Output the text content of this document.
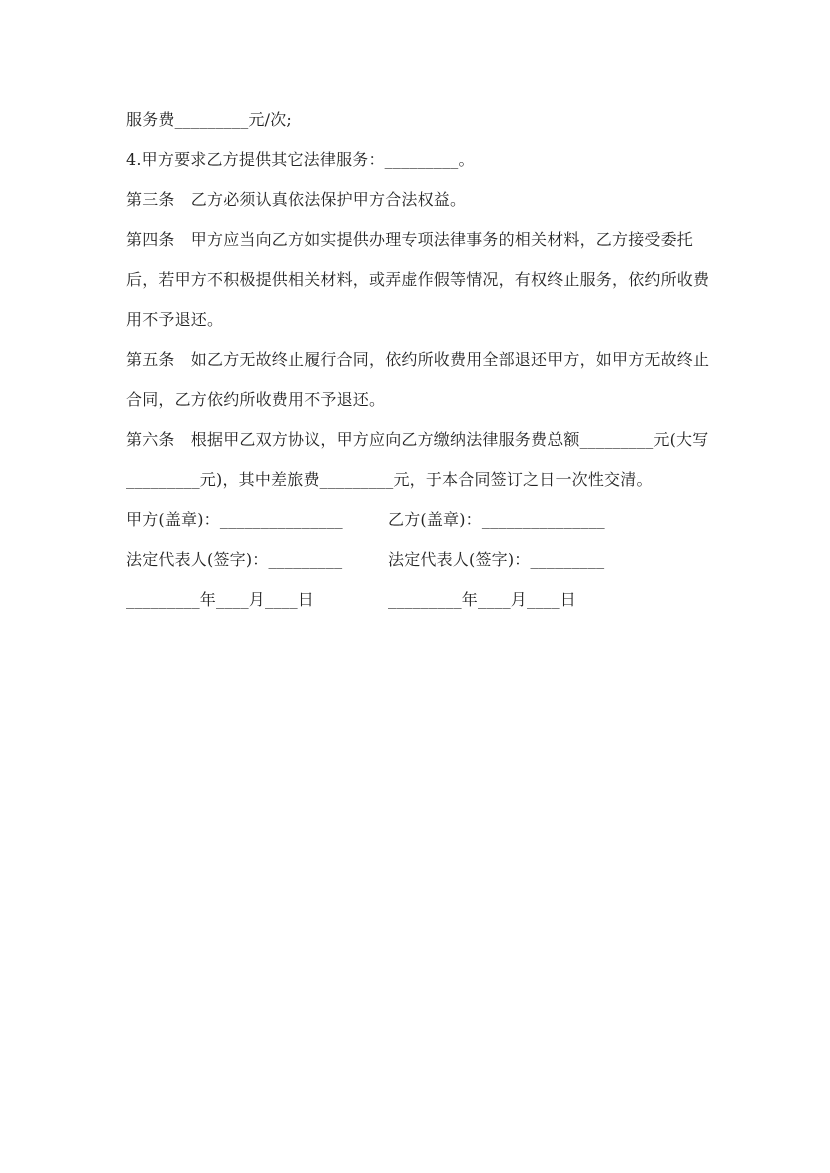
服务费_________元/次;

4.甲方要求乙方提供其它法律服务：_________。

第三条　乙方必须认真依法保护甲方合法权益。

第四条　甲方应当向乙方如实提供办理专项法律事务的相关材料，乙方接受委托后，若甲方不积极提供相关材料，或弄虚作假等情况，有权终止服务，依约所收费用不予退还。

第五条　如乙方无故终止履行合同，依约所收费用全部退还甲方，如甲方无故终止合同，乙方依约所收费用不予退还。

第六条　根据甲乙双方协议，甲方应向乙方缴纳法律服务费总额_________元(大写_________元)，其中差旅费_________元，于本合同签订之日一次性交清。

甲方(盖章)：_______________	乙方(盖章)：_______________
法定代表人(签字)：_________	法定代表人(签字)：_________
_________年____月____日	_________年____月____日
